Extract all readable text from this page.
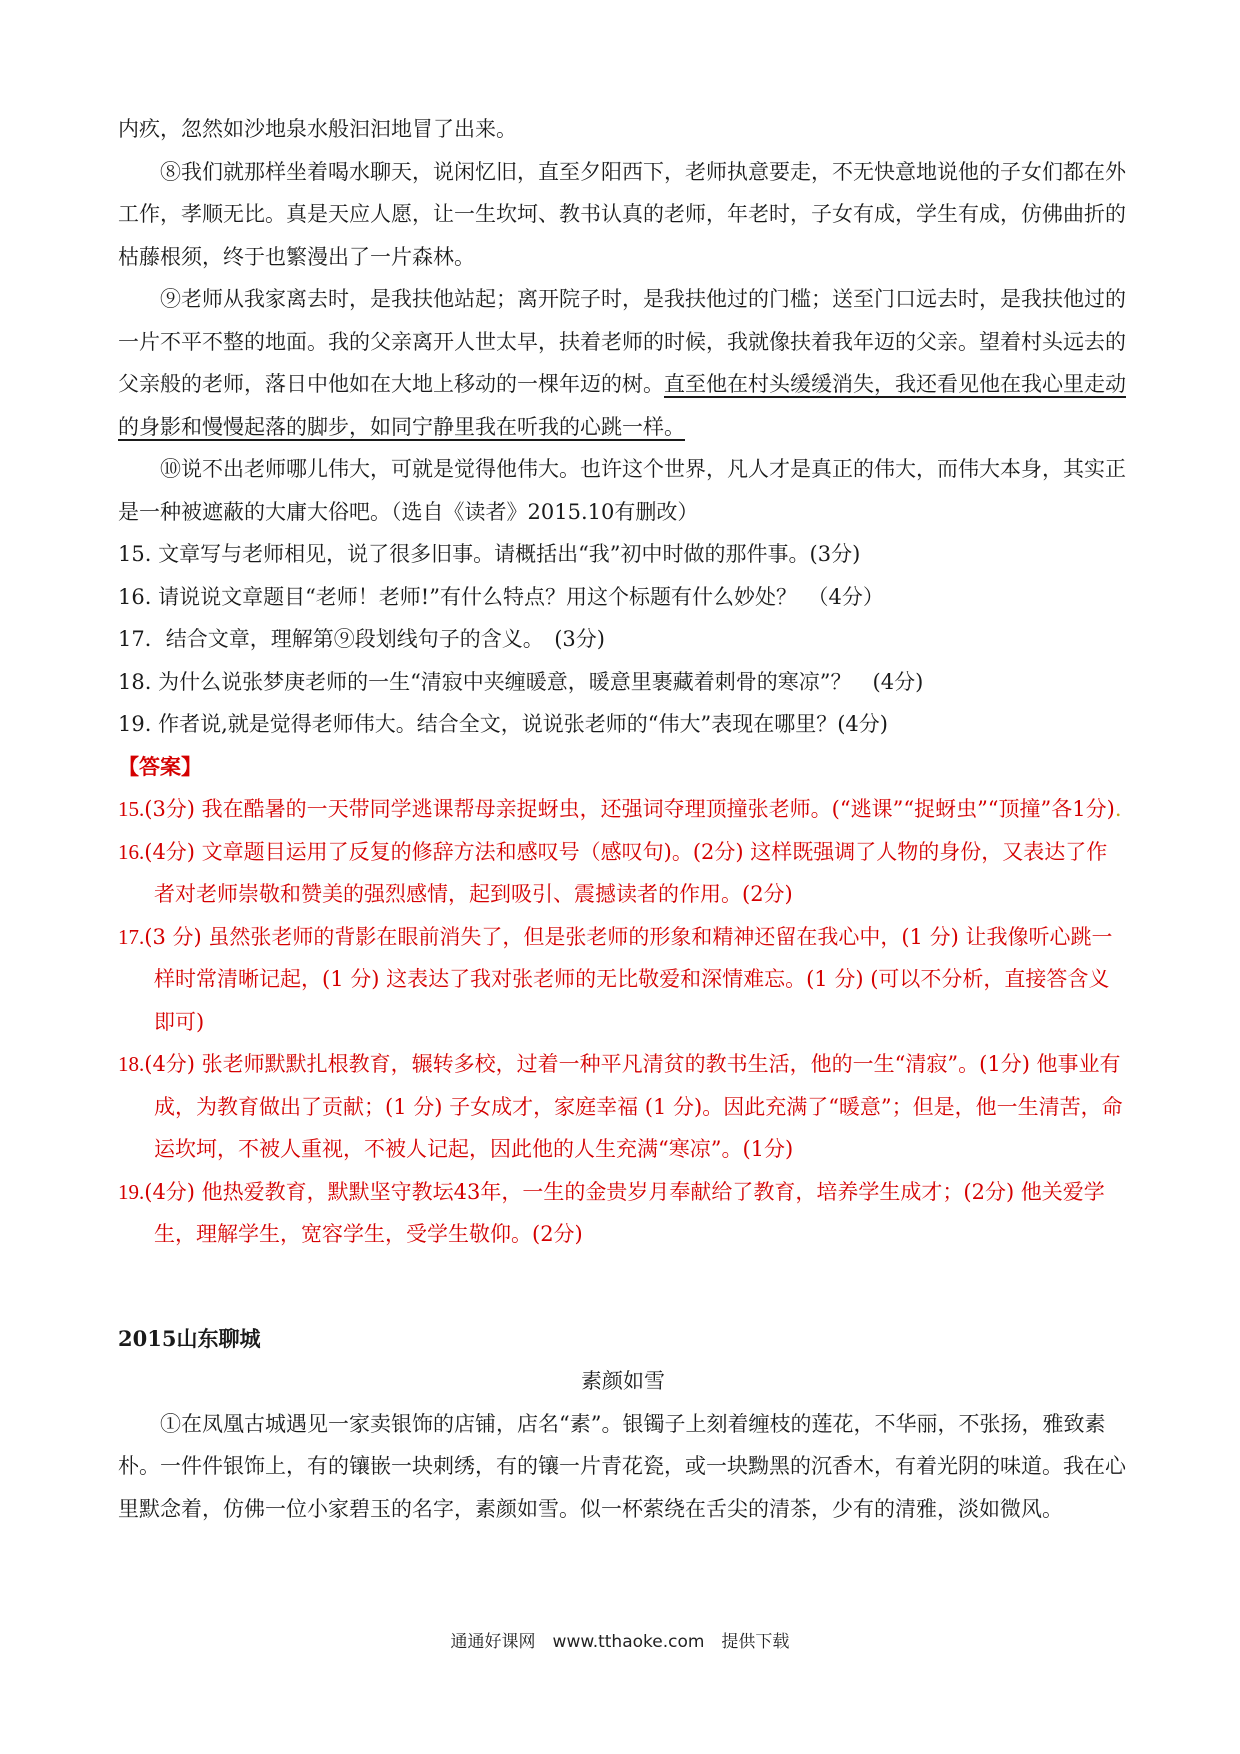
内疚，忽然如沙地泉水般汩汩地冒了出来。

⑧我们就那样坐着喝水聊天，说闲忆旧，直至夕阳西下，老师执意要走，不无快意地说他的子女们都在外工作，孝顺无比。真是天应人愿，让一生坎坷、教书认真的老师，年老时，子女有成，学生有成，仿佛曲折的枯藤根须，终于也繁漫出了一片森林。

⑨老师从我家离去时，是我扶他站起；离开院子时，是我扶他过的门槛；送至门口远去时，是我扶他过的一片不平不整的地面。我的父亲离开人世太早，扶着老师的时候，我就像扶着我年迈的父亲。望着村头远去的父亲般的老师，落日中他如在大地上移动的一棵年迈的树。直至他在村头缓缓消失，我还看见他在我心里走动的身影和慢慢起落的脚步，如同宁静里我在听我的心跳一样。

⑩说不出老师哪儿伟大，可就是觉得他伟大。也许这个世界，凡人才是真正的伟大，而伟大本身，其实正是一种被遮蔽的大庸大俗吧。（选自《读者》2015.10有删改）

15. 文章写与老师相见，说了很多旧事。请概括出“我”初中时做的那件事。(3分)

16. 请说说文章题目“老师！老师!”有什么特点？用这个标题有什么妙处？　（4分）

17．结合文章，理解第⑨段划线句子的含义。　(3分)

18. 为什么说张梦庚老师的一生“清寂中夹缠暖意，暖意里裹藏着刺骨的寒凉”？　(4分)

19. 作者说,就是觉得老师伟大。结合全文，说说张老师的“伟大”表现在哪里？(4分)

【答案】

15.(3分) 我在酷暑的一天带同学逃课帮母亲捉蚜虫，还强词夺理顶撞张老师。(“逃课”“捉蚜虫”“顶撞”各1分).

16.(4分) 文章题目运用了反复的修辞方法和感叹号（感叹句)。(2分) 这样既强调了人物的身份，又表达了作者对老师崇敬和赞美的强烈感情，起到吸引、震撼读者的作用。(2分)

17.(3 分) 虽然张老师的背影在眼前消失了，但是张老师的形象和精神还留在我心中，(1 分) 让我像听心跳一样时常清晰记起，(1 分) 这表达了我对张老师的无比敬爱和深情难忘。(1 分) (可以不分析，直接答含义即可)

18.(4分) 张老师默默扎根教育，辗转多校，过着一种平凡清贫的教书生活，他的一生“清寂”。(1分) 他事业有成，为教育做出了贡献；(1 分) 子女成才，家庭幸福 (1 分)。因此充满了“暖意”；但是，他一生清苦，命运坎坷，不被人重视，不被人记起，因此他的人生充满“寒凉”。(1分)

19.(4分) 他热爱教育，默默坚守教坛43年，一生的金贵岁月奉献给了教育，培养学生成才；(2分) 他关爱学生，理解学生，宽容学生，受学生敬仰。(2分)

2015山东聊城

素颜如雪

①在凤凰古城遇见一家卖银饰的店铺，店名“素”。银镯子上刻着缠枝的莲花，不华丽，不张扬，雅致素朴。一件件银饰上，有的镶嵌一块刺绣，有的镶一片青花瓷，或一块黝黑的沉香木，有着光阴的味道。我在心里默念着，仿佛一位小家碧玉的名字，素颜如雪。似一杯萦绕在舌尖的清茶，少有的清雅，淡如微风。

通通好课网　www.tthaoke.com　提供下载
